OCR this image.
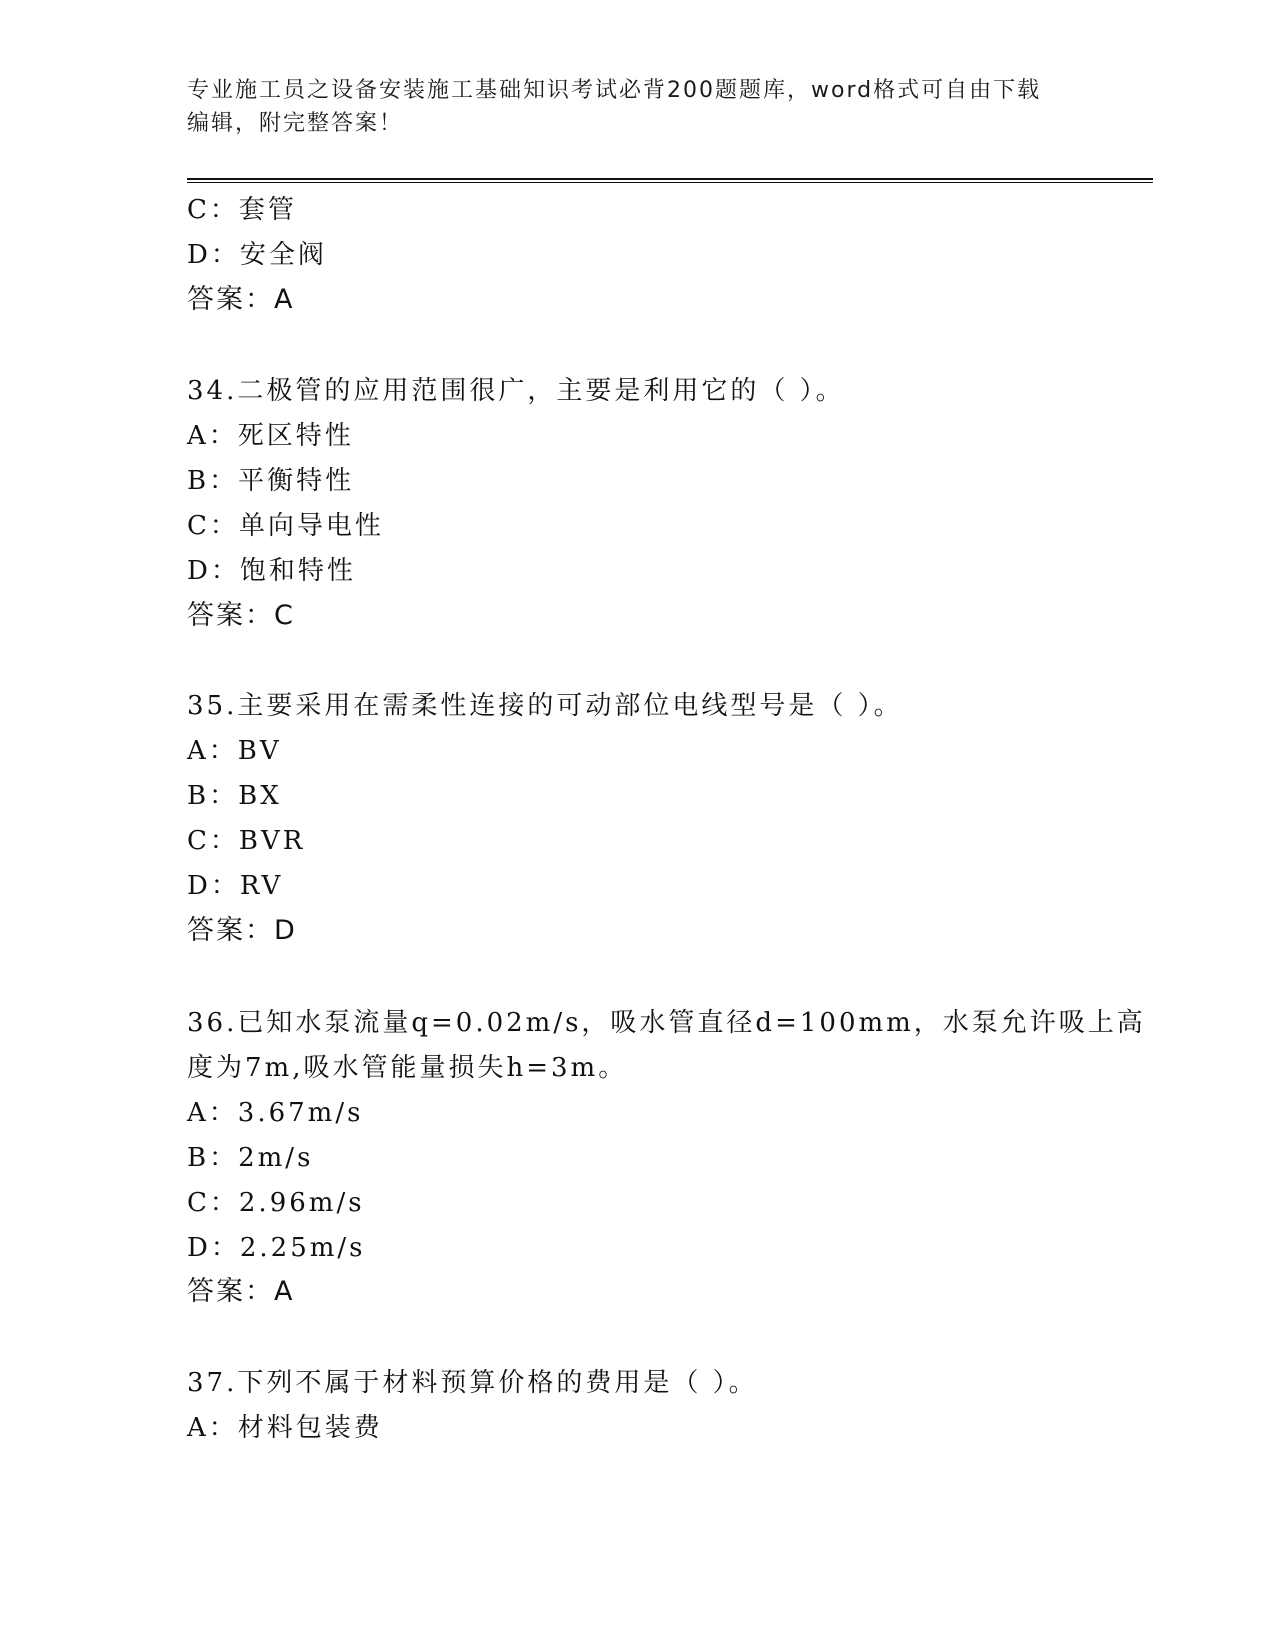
专业施工员之设备安装施工基础知识考试必背200题题库，word格式可自由下载
编辑，附完整答案！
C：套管
D：安全阀
答案：A
34.二极管的应用范围很广，主要是利用它的（ ）。
A：死区特性
B：平衡特性
C：单向导电性
D：饱和特性
答案：C
35.主要采用在需柔性连接的可动部位电线型号是（ ）。
A：BV
B：BX
C：BVR
D：RV
答案：D
36.已知水泵流量q=0.02m/s，吸水管直径d=100mm，水泵允许吸上高
度为7m,吸水管能量损失h=3m。
A：3.67m/s
B：2m/s
C：2.96m/s
D：2.25m/s
答案：A
37.下列不属于材料预算价格的费用是（ ）。
A：材料包装费
